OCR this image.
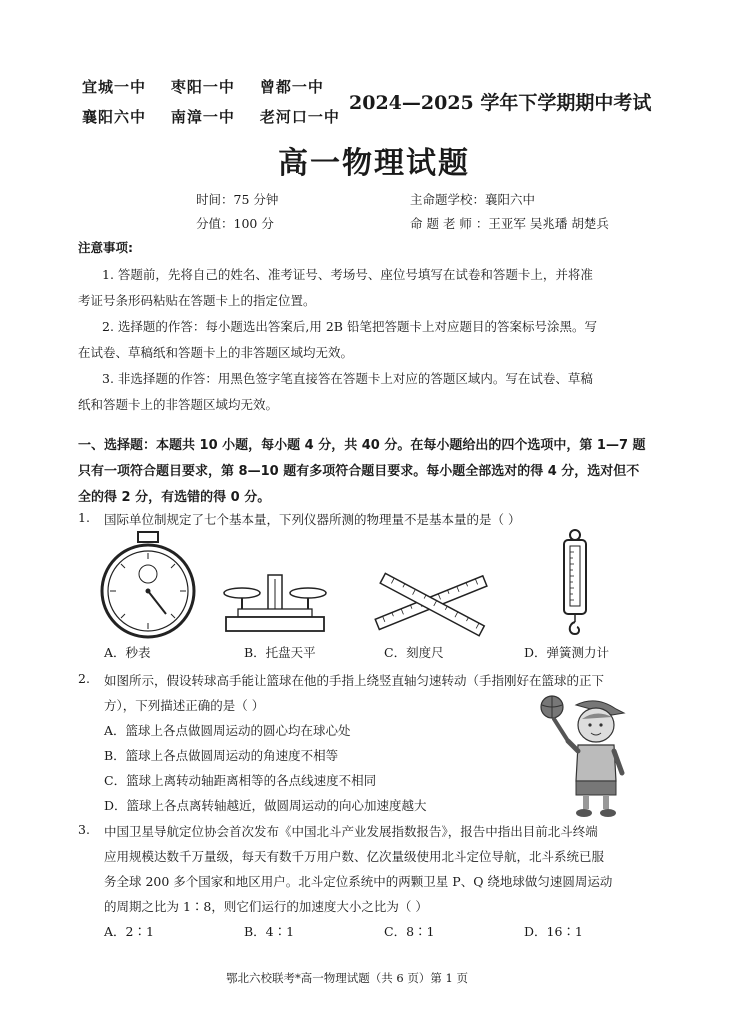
宜城一中 枣阳一中 曾都一中
襄阳六中 南漳一中 老河口一中
2024—2025 学年下学期期中考试
高一物理试题
时间：75 分钟
分值：100 分
主命题学校：襄阳六中
命 题 老 师 ：王亚军 吴兆璠 胡楚兵
注意事项:
1. 答题前，先将自己的姓名、准考证号、考场号、座位号填写在试卷和答题卡上，并将准
考证号条形码粘贴在答题卡上的指定位置。
2. 选择题的作答：每小题选出答案后,用 2B 铅笔把答题卡上对应题目的答案标号涂黑。写
在试卷、草稿纸和答题卡上的非答题区域均无效。
3. 非选择题的作答：用黑色签字笔直接答在答题卡上对应的答题区域内。写在试卷、草稿
纸和答题卡上的非答题区域均无效。
一、选择题：本题共 10 小题，每小题 4 分，共 40 分。在每小题给出的四个选项中，第 1—7 题
只有一项符合题目要求，第 8—10 题有多项符合题目要求。每小题全部选对的得 4 分，选对但不
全的得 2 分，有选错的得 0 分。
1. 国际单位制规定了七个基本量，下列仪器所测的物理量不是基本量的是（ ）
A．秒表	B．托盘天平	C．刻度尺	D．弹簧测力计
2. 如图所示，假设转球高手能让篮球在他的手指上绕竖直轴匀速转动（手指刚好在篮球的正下
方），下列描述正确的是（ ）
A．篮球上各点做圆周运动的圆心均在球心处
B．篮球上各点做圆周运动的角速度不相等
C．篮球上离转动轴距离相等的各点线速度不相同
D．篮球上各点离转轴越近，做圆周运动的向心加速度越大
3. 中国卫星导航定位协会首次发布《中国北斗产业发展指数报告》，报告中指出目前北斗终端
应用规模达数千万量级，每天有数千万用户数、亿次量级使用北斗定位导航，北斗系统已服
务全球 200 多个国家和地区用户。北斗定位系统中的两颗卫星 P、Q 绕地球做匀速圆周运动
的周期之比为 1∶8，则它们运行的加速度大小之比为（ ）
A．2∶1	B．4∶1	C．8∶1	D．16∶1
鄂北六校联考*高一物理试题（共 6 页）第 1 页
